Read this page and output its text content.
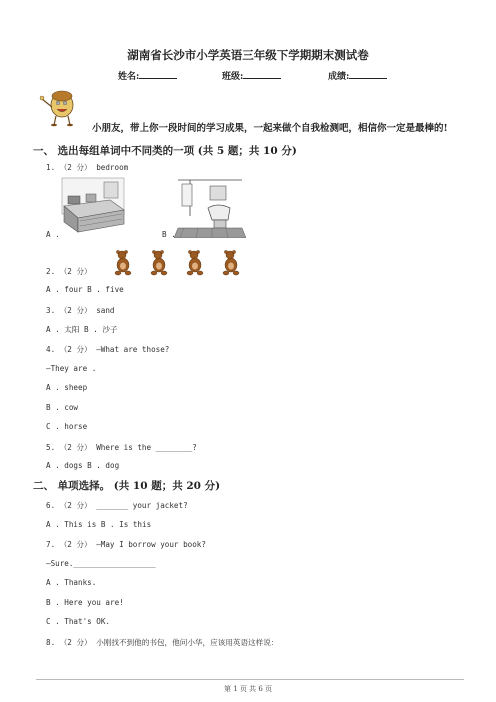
湖南省长沙市小学英语三年级下学期期末测试卷
姓名:	班级:	成绩:
小朋友，带上你一段时间的学习成果，一起来做个自我检测吧，相信你一定是最棒的!
一、 选出每组单词中不同类的一项 (共 5 题；共 10 分)
1. （2 分） bedroom
A .	B .
2. （2 分）
A . four B . five
3. （2 分） sand
A . 太阳 B . 沙子
4. （2 分） —What are those?
—They are .
A . sheep
B . cow
C . horse
5. （2 分） Where is the ________?
A . dogs B . dog
二、 单项选择。 (共 10 题；共 20 分)
6. （2 分） _______ your jacket?
A . This is B . Is this
7. （2 分） —May I borrow your book?
—Sure.__________________
A . Thanks.
B . Here you are!
C . That's OK.
8. （2 分） 小刚找不到他的书包，他问小华，应该用英语这样说：
第 1 页 共 6 页
